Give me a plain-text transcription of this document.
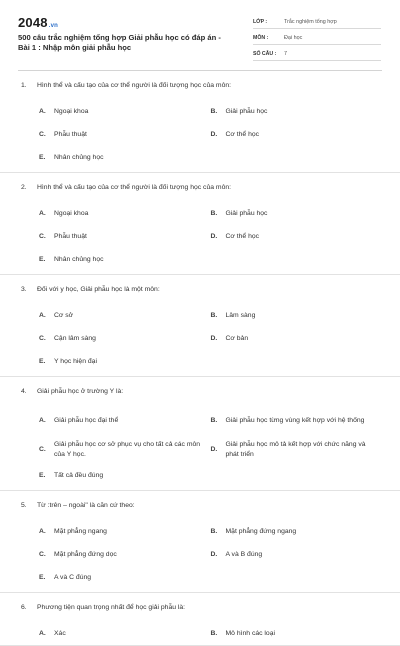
2048.vn
500 câu trắc nghiệm tổng hợp Giải phẫu học có đáp án -
Bài 1 : Nhập môn giải phẫu học
LỚP :	Trắc nghiệm tổng hợp
MÔN :	Đại học
SỐ CÂU :	7
1.	Hình thể và cấu tạo của cơ thể người là đối tượng học của môn:
A.	Ngoại khoa	B.	Giải phẫu học
C.	Phẫu thuật	D.	Cơ thể học
E.	Nhân chủng học
2.	Hình thể và cấu tạo của cơ thể người là đối tượng học của môn:
A.	Ngoại khoa	B.	Giải phẫu học
C.	Phẫu thuật	D.	Cơ thể học
E.	Nhân chủng học
3.	Đối với y học, Giải phẫu học là một môn:
A.	Cơ sở	B.	Lâm sàng
C.	Cận lâm sàng	D.	Cơ bản
E.	Y học hiện đại
4.	Giải phẫu học ở trường Y là:
A.	Giải phẫu học đại thể	B.	Giải phẫu học từng vùng kết hợp với hệ thống
C.
Giải phẫu học cơ sở phục vụ cho tất cả các môn của Y học.
D.
Giải phẫu học mô tả kết hợp với chức năng và phát triển
E.	Tất cả đều đúng
5.	Từ :trên – ngoài" là căn cứ theo:
A.	Mặt phẳng ngang	B.	Mặt phẳng đứng ngang
C.	Mặt phẳng đứng dọc	D.	A và B đúng
E.	A và C đúng
6.	Phương tiện quan trọng nhất để học giải phẫu là:
A.	Xác	B.	Mô hình các loại
